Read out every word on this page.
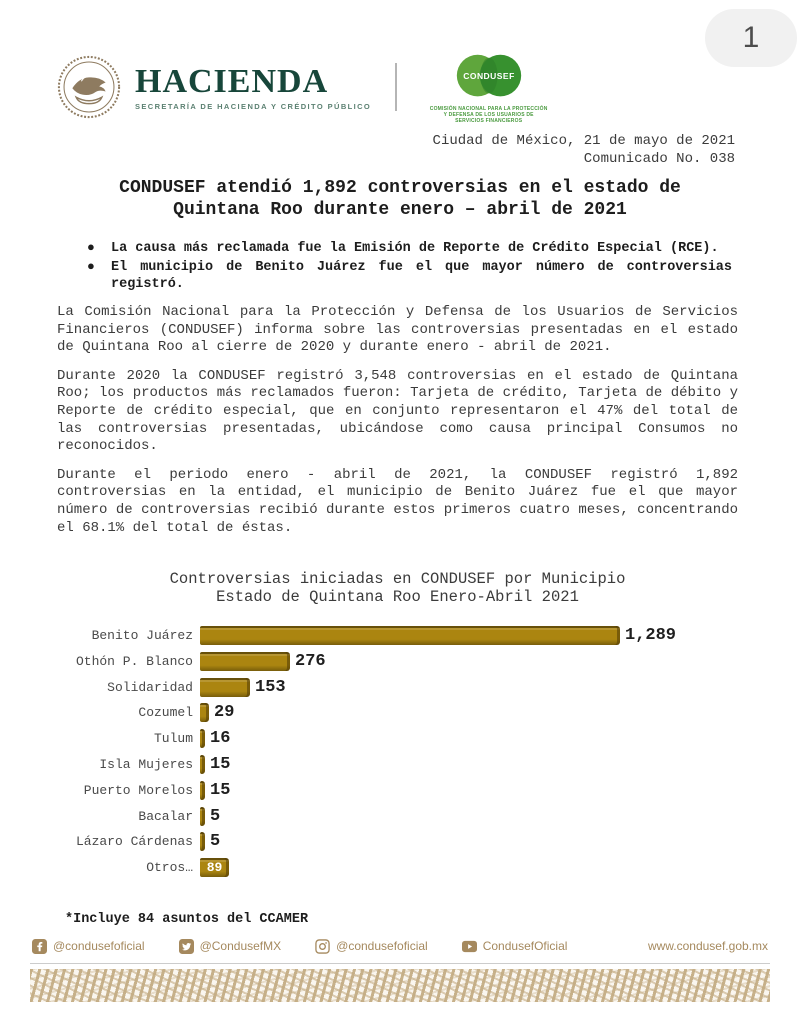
1
HACIENDA
SECRETARÍA DE HACIENDA Y CRÉDITO PÚBLICO
CONDUSEF
COMISIÓN NACIONAL PARA LA PROTECCIÓN
Y DEFENSA DE LOS USUARIOS DE
SERVICIOS FINANCIEROS
Ciudad de México, 21 de mayo de 2021
Comunicado No. 038
CONDUSEF atendió 1,892 controversias en el estado de
Quintana Roo durante enero – abril de 2021
●	La causa más reclamada fue la Emisión de Reporte de Crédito Especial (RCE).
●	El municipio de Benito Juárez fue el que mayor número de controversias registró.

La Comisión Nacional para la Protección y Defensa de los Usuarios de Servicios Financieros (CONDUSEF) informa sobre las controversias presentadas en el estado de Quintana Roo al cierre de 2020 y durante enero - abril de 2021.

Durante 2020 la CONDUSEF registró 3,548 controversias en el estado de Quintana Roo; los productos más reclamados fueron: Tarjeta de crédito, Tarjeta de débito y Reporte de crédito especial, que en conjunto representaron el 47% del total de las controversias presentadas, ubicándose como causa principal Consumos no reconocidos.

Durante el periodo enero - abril de 2021, la CONDUSEF registró 1,892 controversias en la entidad, el municipio de Benito Juárez fue el que mayor número de controversias recibió durante estos primeros cuatro meses, concentrando el 68.1% del total de éstas.

Controversias iniciadas en CONDUSEF por Municipio
Estado de Quintana Roo Enero-Abril 2021
Benito Juárez	1,289
Othón P. Blanco	276
Solidaridad	153
Cozumel	29
Tulum	16
Isla Mujeres	15
Puerto Morelos	15
Bacalar	5
Lázaro Cárdenas	5
Otros…	89
*Incluye 84 asuntos del CCAMER
@condusefoficial	@CondusefMX	@condusefoficial	CondusefOficial	www.condusef.gob.mx
